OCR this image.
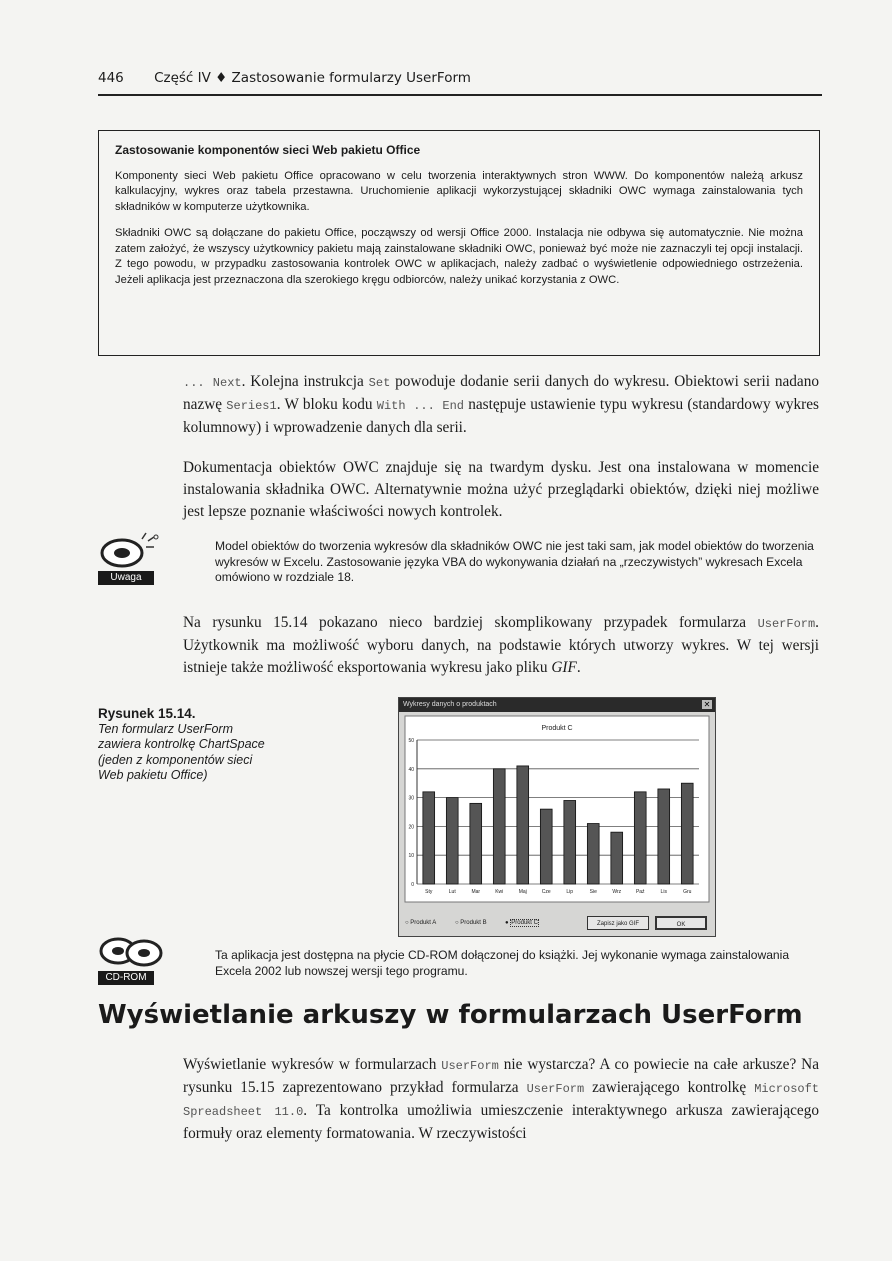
446 Część IV ♦ Zastosowanie formularzy UserForm
Zastosowanie komponentów sieci Web pakietu Office

Komponenty sieci Web pakietu Office opracowano w celu tworzenia interaktywnych stron WWW. Do komponentów należą arkusz kalkulacyjny, wykres oraz tabela przestawna. Uruchomienie aplikacji wykorzystującej składniki OWC wymaga zainstalowania tych składników w komputerze użytkownika.

Składniki OWC są dołączane do pakietu Office, począwszy od wersji Office 2000. Instalacja nie odbywa się automatycznie. Nie można zatem założyć, że wszyscy użytkownicy pakietu mają zainstalowane składniki OWC, ponieważ być może nie zaznaczyli tej opcji instalacji. Z tego powodu, w przypadku zastosowania kontrolek OWC w aplikacjach, należy zadbać o wyświetlenie odpowiedniego ostrzeżenia. Jeżeli aplikacja jest przeznaczona dla szerokiego kręgu odbiorców, należy unikać korzystania z OWC.

... Next. Kolejna instrukcja Set powoduje dodanie serii danych do wykresu. Obiektowi serii nadano nazwę Series1. W bloku kodu With ... End następuje ustawienie typu wykresu (standardowy wykres kolumnowy) i wprowadzenie danych dla serii.

Dokumentacja obiektów OWC znajduje się na twardym dysku. Jest ona instalowana w momencie instalowania składnika OWC. Alternatywnie można użyć przeglądarki obiektów, dzięki niej możliwe jest lepsze poznanie właściwości nowych kontrolek.

Uwaga

Model obiektów do tworzenia wykresów dla składników OWC nie jest taki sam, jak model obiektów do tworzenia wykresów w Excelu. Zastosowanie języka VBA do wykonywania działań na „rzeczywistych” wykresach Excela omówiono w rozdziale 18.

Na rysunku 15.14 pokazano nieco bardziej skomplikowany przypadek formularza UserForm. Użytkownik ma możliwość wyboru danych, na podstawie których utworzy wykres. W tej wersji istnieje także możliwość eksportowania wykresu jako pliku GIF.

Rysunek 15.14.
Ten formularz UserForm zawiera kontrolkę ChartSpace (jeden z komponentów sieci Web pakietu Office)
Wykresy danych o produktach	✕
Produkt C
0
10
20
30
40
50
Sty	Lut	Mar	Kwi	Maj	Cze	Lip	Sie	Wrz	Paź	Lis	Gru
○ Produkt A	○ Produkt B	● Produkt C	Zapisz jako GIF	OK
CD-ROM

Ta aplikacja jest dostępna na płycie CD-ROM dołączonej do książki. Jej wykonanie wymaga zainstalowania Excela 2002 lub nowszej wersji tego programu.

Wyświetlanie arkuszy w formularzach UserForm

Wyświetlanie wykresów w formularzach UserForm nie wystarcza? A co powiecie na całe arkusze? Na rysunku 15.15 zaprezentowano przykład formularza UserForm zawierającego kontrolkę Microsoft Spreadsheet 11.0. Ta kontrolka umożliwia umieszczenie interaktywnego arkusza zawierającego formuły oraz elementy formatowania. W rzeczywistości
